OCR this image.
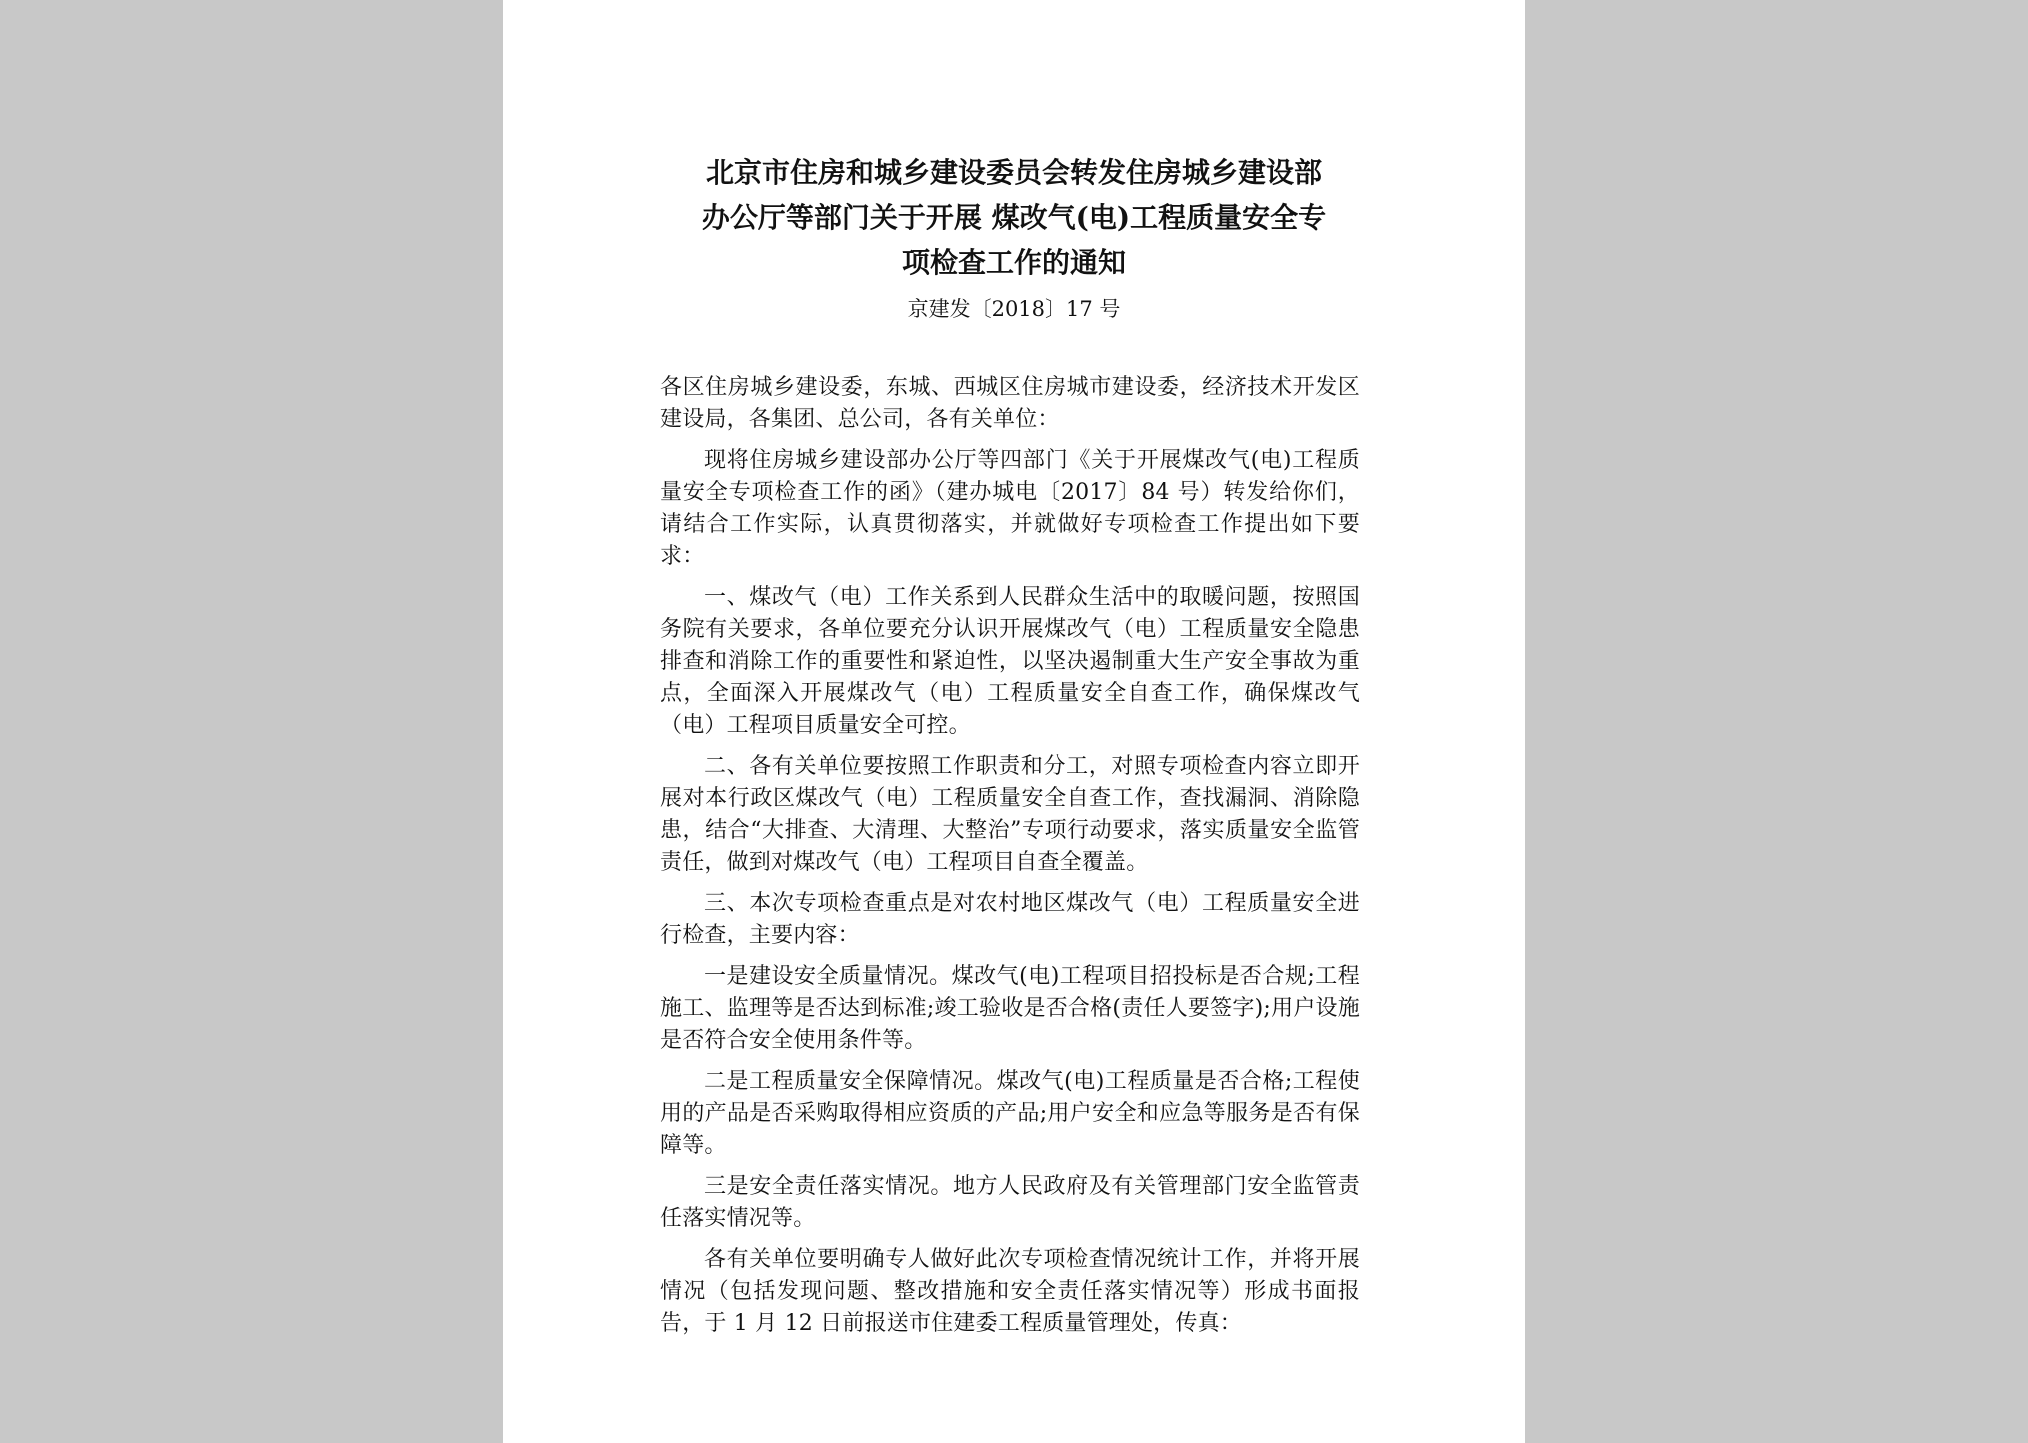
北京市住房和城乡建设委员会转发住房城乡建设部
办公厅等部门关于开展 煤改气(电)工程质量安全专
项检查工作的通知

京建发〔2018〕17 号

各区住房城乡建设委，东城、西城区住房城市建设委，经济技术开发区建设局，各集团、总公司，各有关单位：

现将住房城乡建设部办公厅等四部门《关于开展煤改气(电)工程质量安全专项检查工作的函》（建办城电〔2017〕84 号）转发给你们，请结合工作实际，认真贯彻落实，并就做好专项检查工作提出如下要求：

一、煤改气（电）工作关系到人民群众生活中的取暖问题，按照国务院有关要求，各单位要充分认识开展煤改气（电）工程质量安全隐患排查和消除工作的重要性和紧迫性，以坚决遏制重大生产安全事故为重点，全面深入开展煤改气（电）工程质量安全自查工作，确保煤改气（电）工程项目质量安全可控。

二、各有关单位要按照工作职责和分工，对照专项检查内容立即开展对本行政区煤改气（电）工程质量安全自查工作，查找漏洞、消除隐患，结合“大排查、大清理、大整治”专项行动要求，落实质量安全监管责任，做到对煤改气（电）工程项目自查全覆盖。

三、本次专项检查重点是对农村地区煤改气（电）工程质量安全进行检查，主要内容：

一是建设安全质量情况。煤改气(电)工程项目招投标是否合规;工程施工、监理等是否达到标准;竣工验收是否合格(责任人要签字);用户设施是否符合安全使用条件等。

二是工程质量安全保障情况。煤改气(电)工程质量是否合格;工程使用的产品是否采购取得相应资质的产品;用户安全和应急等服务是否有保障等。

三是安全责任落实情况。地方人民政府及有关管理部门安全监管责任落实情况等。

各有关单位要明确专人做好此次专项检查情况统计工作，并将开展情况（包括发现问题、整改措施和安全责任落实情况等）形成书面报告，于 1 月 12 日前报送市住建委工程质量管理处，传真：
